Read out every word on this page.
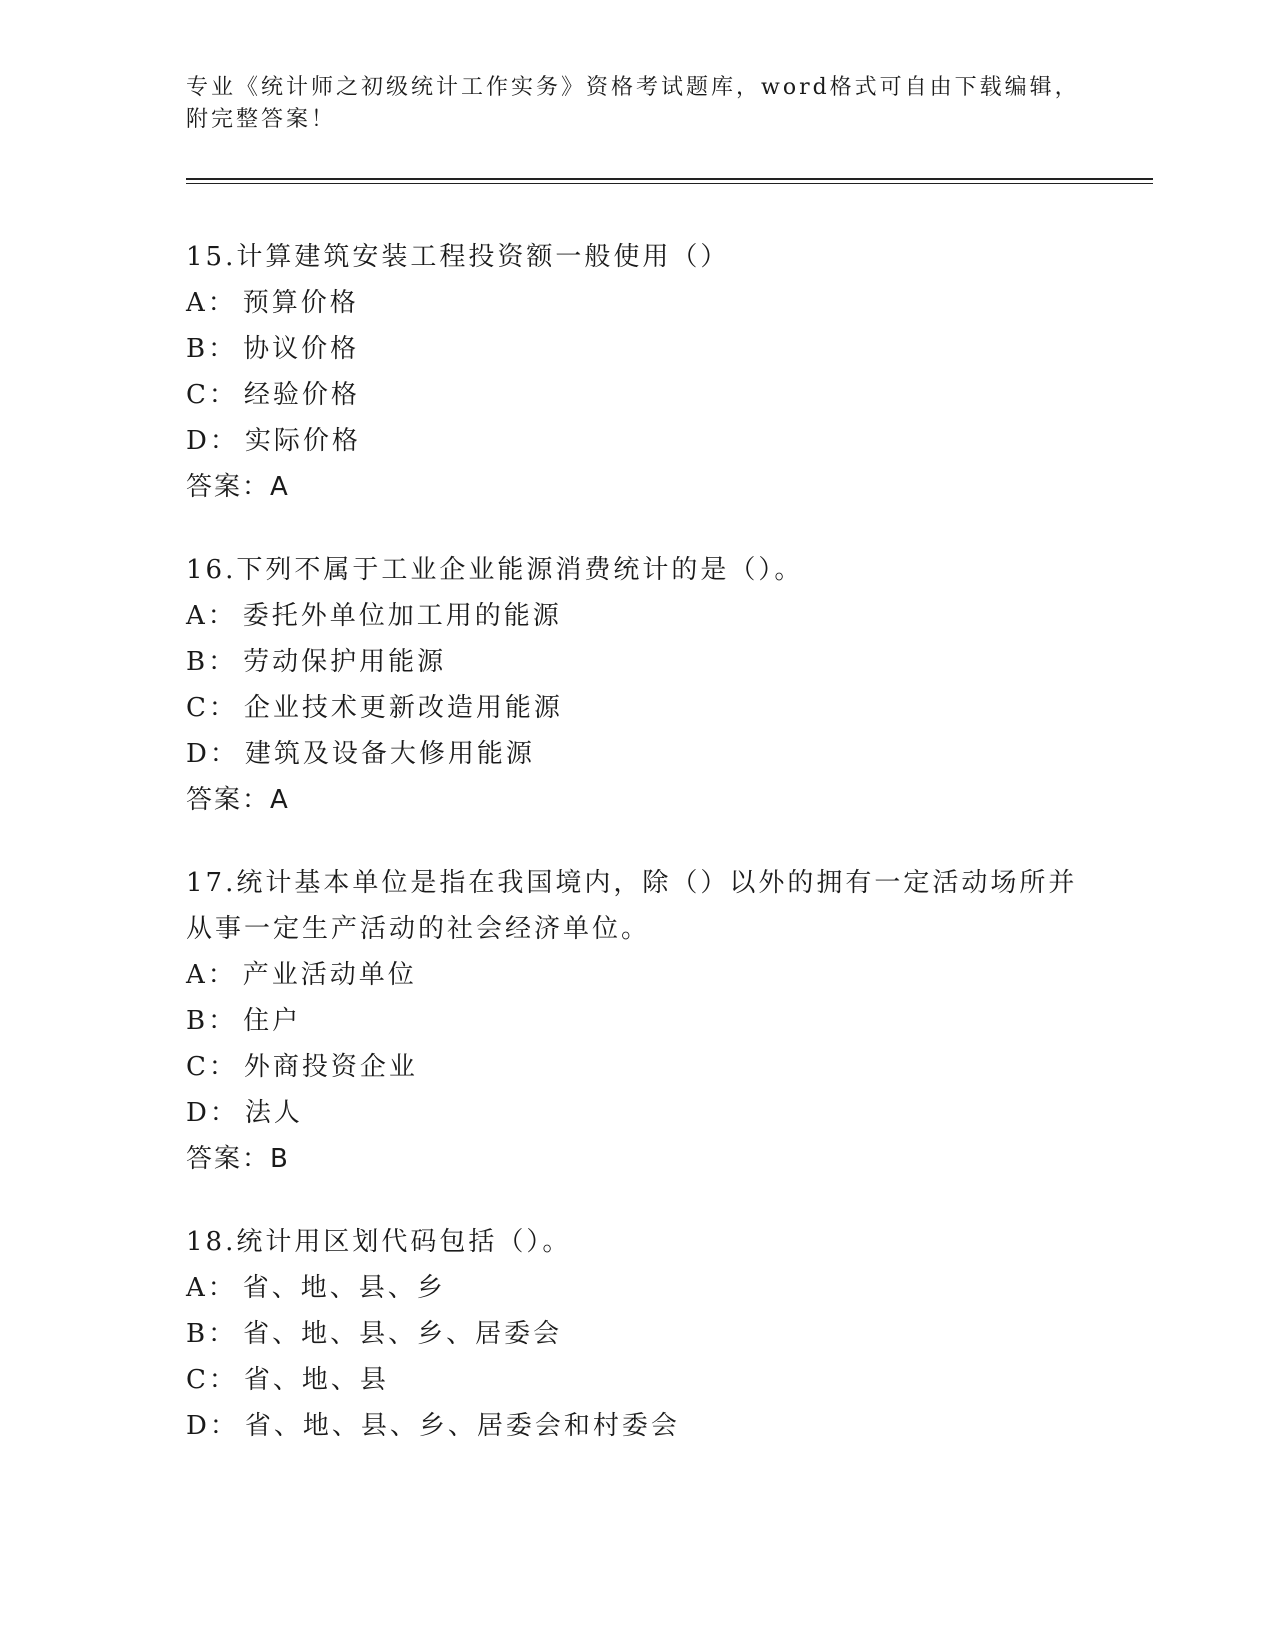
专业《统计师之初级统计工作实务》资格考试题库，word格式可自由下载编辑，
附完整答案！
15.计算建筑安装工程投资额一般使用（）
A： 预算价格
B： 协议价格
C： 经验价格
D： 实际价格
答案：A
16.下列不属于工业企业能源消费统计的是（）。
A： 委托外单位加工用的能源
B： 劳动保护用能源
C： 企业技术更新改造用能源
D： 建筑及设备大修用能源
答案：A
17.统计基本单位是指在我国境内，除（）以外的拥有一定活动场所并
从事一定生产活动的社会经济单位。
A： 产业活动单位
B： 住户
C： 外商投资企业
D： 法人
答案：B
18.统计用区划代码包括（）。
A： 省、地、县、乡
B： 省、地、县、乡、居委会
C： 省、地、县
D： 省、地、县、乡、居委会和村委会
